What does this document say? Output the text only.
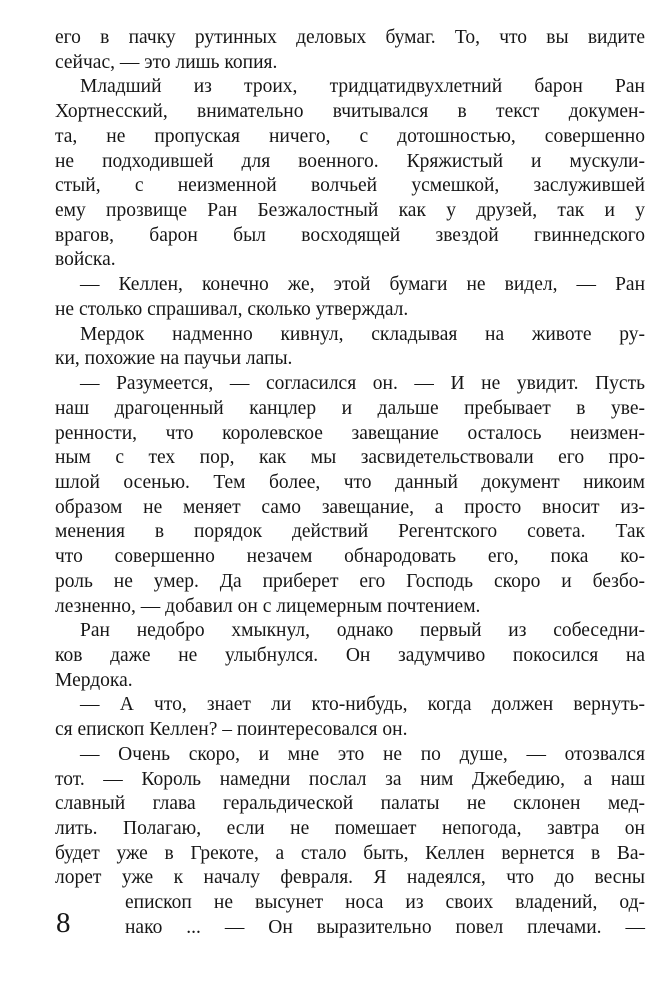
его в пачку рутинных деловых бумаг. То, что вы видите
сейчас, — это лишь копия.
Младший из троих, тридцатидвухлетний барон Ран
Хортнесский, внимательно вчитывался в текст докумен-
та, не пропуская ничего, с дотошностью, совершенно
не подходившей для военного. Кряжистый и мускули-
стый, с неизменной волчьей усмешкой, заслужившей
ему прозвище Ран Безжалостный как у друзей, так и у
врагов, барон был восходящей звездой гвиннедского
войска.
— Келлен, конечно же, этой бумаги не видел, — Ран
не столько спрашивал, сколько утверждал.
Мердок надменно кивнул, складывая на животе ру-
ки, похожие на паучьи лапы.
— Разумеется, — согласился он. — И не увидит. Пусть
наш драгоценный канцлер и дальше пребывает в уве-
ренности, что королевское завещание осталось неизмен-
ным с тех пор, как мы засвидетельствовали его про-
шлой осенью. Тем более, что данный документ никоим
образом не меняет само завещание, а просто вносит из-
менения в порядок действий Регентского совета. Так
что совершенно незачем обнародовать его, пока ко-
роль не умер. Да приберет его Господь скоро и безбо-
лезненно, — добавил он с лицемерным почтением.
Ран недобро хмыкнул, однако первый из собеседни-
ков даже не улыбнулся. Он задумчиво покосился на
Мердока.
— А что, знает ли кто-нибудь, когда должен вернуть-
ся епископ Келлен? – поинтересовался он.
— Очень скоро, и мне это не по душе, — отозвался
тот. — Король намедни послал за ним Джебедию, а наш
славный глава геральдической палаты не склонен мед-
лить. Полагаю, если не помешает непогода, завтра он
будет уже в Грекоте, а стало быть, Келлен вернется в Ва-
лорет уже к началу февраля. Я надеялся, что до весны
епископ не высунет носа из своих владений, од-
нако ... — Он выразительно повел плечами. —
8
